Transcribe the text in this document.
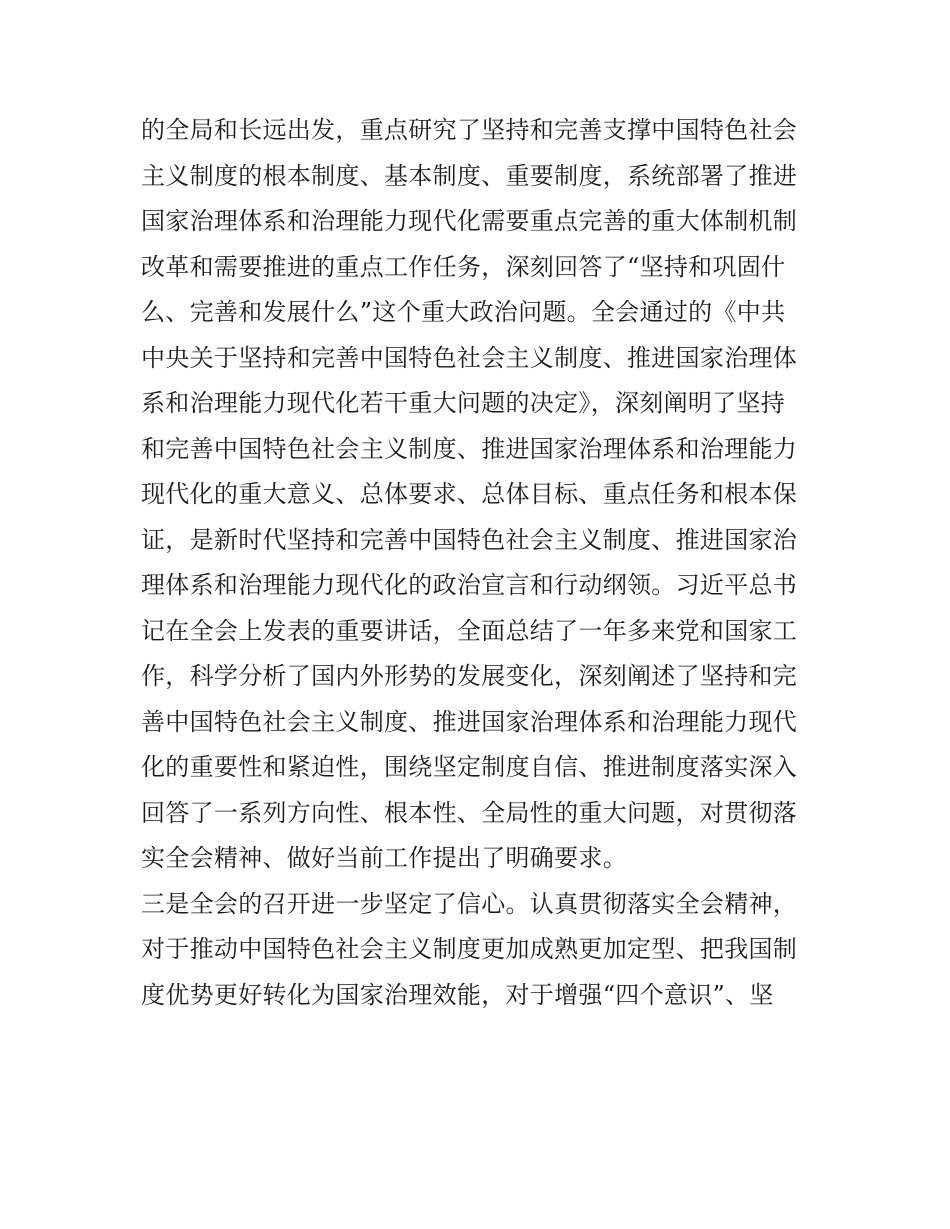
的全局和长远出发，重点研究了坚持和完善支撑中国特色社会
主义制度的根本制度、基本制度、重要制度，系统部署了推进
国家治理体系和治理能力现代化需要重点完善的重大体制机制
改革和需要推进的重点工作任务，深刻回答了“坚持和巩固什
么、完善和发展什么”这个重大政治问题。全会通过的《中共
中央关于坚持和完善中国特色社会主义制度、推进国家治理体
系和治理能力现代化若干重大问题的决定》，深刻阐明了坚持
和完善中国特色社会主义制度、推进国家治理体系和治理能力
现代化的重大意义、总体要求、总体目标、重点任务和根本保
证，是新时代坚持和完善中国特色社会主义制度、推进国家治
理体系和治理能力现代化的政治宣言和行动纲领。习近平总书
记在全会上发表的重要讲话，全面总结了一年多来党和国家工
作，科学分析了国内外形势的发展变化，深刻阐述了坚持和完
善中国特色社会主义制度、推进国家治理体系和治理能力现代
化的重要性和紧迫性，围绕坚定制度自信、推进制度落实深入
回答了一系列方向性、根本性、全局性的重大问题，对贯彻落
实全会精神、做好当前工作提出了明确要求。
三是全会的召开进一步坚定了信心。认真贯彻落实全会精神，
对于推动中国特色社会主义制度更加成熟更加定型、把我国制
度优势更好转化为国家治理效能，对于增强“四个意识”、坚
